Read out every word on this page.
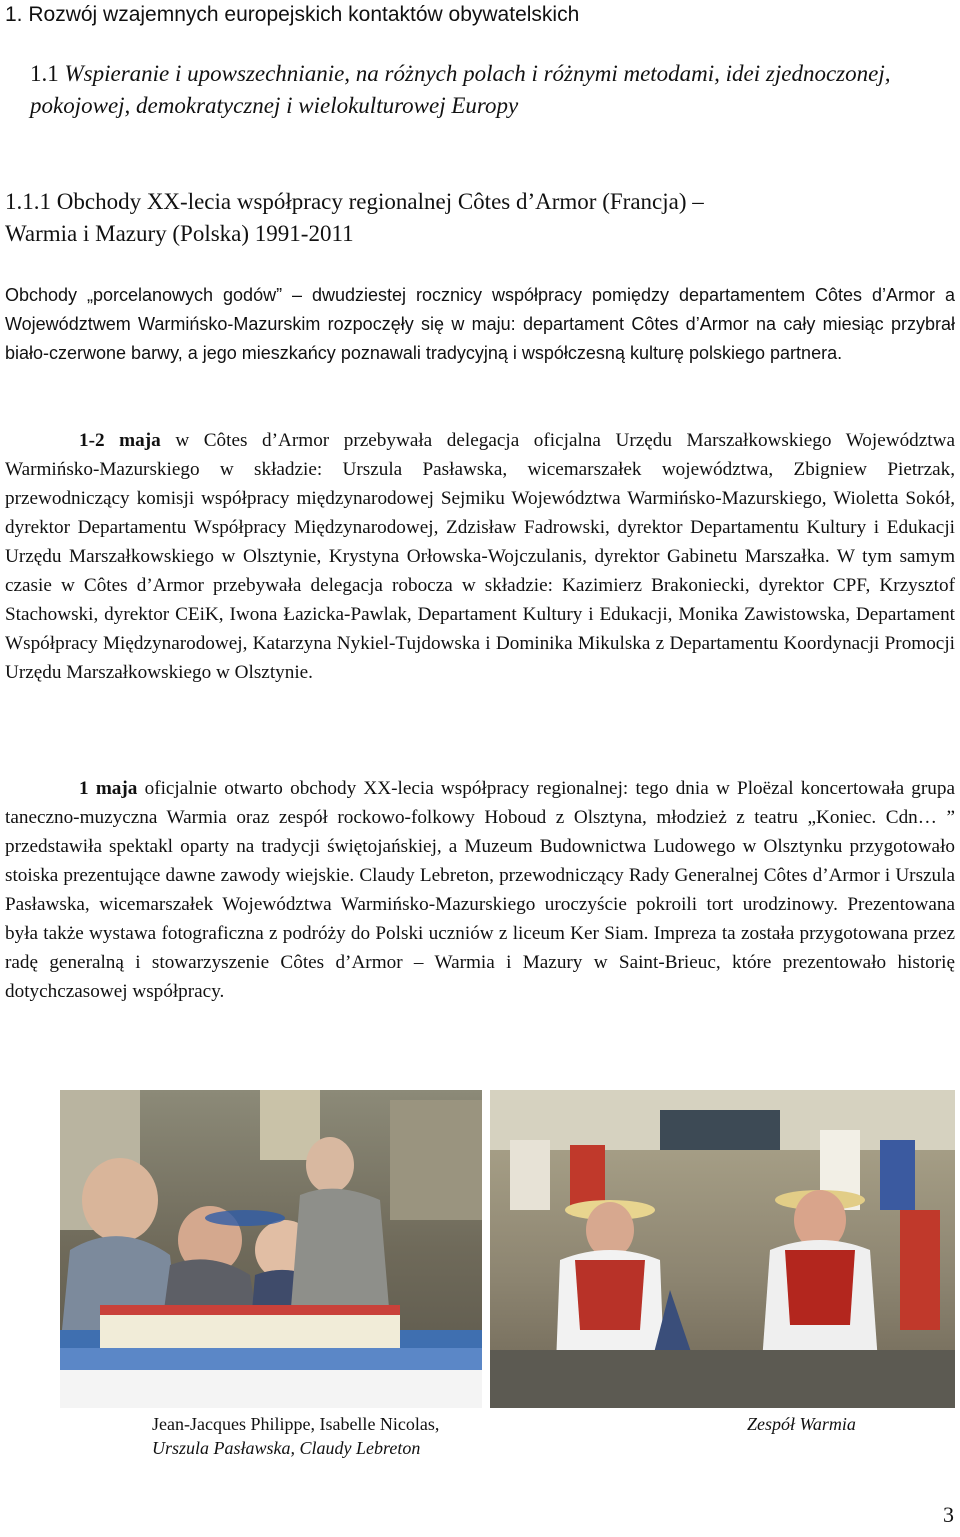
1. Rozwój wzajemnych europejskich kontaktów obywatelskich
1.1 Wspieranie i upowszechnianie, na różnych polach i różnymi metodami, idei zjednoczonej, pokojowej, demokratycznej i wielokulturowej Europy
1.1.1 Obchody XX-lecia współpracy regionalnej Côtes d’Armor (Francja) –
Warmia i Mazury (Polska) 1991-2011
Obchody „porcelanowych godów” – dwudziestej rocznicy współpracy pomiędzy departamentem Côtes d’Armor a Województwem Warmińsko-Mazurskim rozpoczęły się w maju: departament Côtes d’Armor na cały miesiąc przybrał biało-czerwone barwy, a jego mieszkańcy poznawali tradycyjną i współczesną kulturę polskiego partnera.
1-2 maja w Côtes d’Armor przebywała delegacja oficjalna Urzędu Marszałkowskiego Województwa Warmińsko-Mazurskiego w składzie: Urszula Pasławska, wicemarszałek województwa, Zbigniew Pietrzak, przewodniczący komisji współpracy międzynarodowej Sejmiku Województwa Warmińsko-Mazurskiego, Wioletta Sokół, dyrektor Departamentu Współpracy Międzynarodowej, Zdzisław Fadrowski, dyrektor Departamentu Kultury i Edukacji Urzędu Marszałkowskiego w Olsztynie, Krystyna Orłowska-Wojczulanis, dyrektor Gabinetu Marszałka. W tym samym czasie w Côtes d’Armor przebywała delegacja robocza w składzie: Kazimierz Brakoniecki, dyrektor CPF, Krzysztof Stachowski, dyrektor CEiK, Iwona Łazicka-Pawlak, Departament Kultury i Edukacji, Monika Zawistowska, Departament Współpracy Międzynarodowej, Katarzyna Nykiel-Tujdowska i Dominika Mikulska z Departamentu Koordynacji Promocji Urzędu Marszałkowskiego w Olsztynie.
1 maja oficjalnie otwarto obchody XX-lecia współpracy regionalnej: tego dnia w Ploëzal koncertowała grupa taneczno-muzyczna Warmia oraz zespół rockowo-folkowy Hoboud z Olsztyna, młodzież z teatru „Koniec. Cdn… ” przedstawiła spektakl oparty na tradycji świętojańskiej, a Muzeum Budownictwa Ludowego w Olsztynku przygotowało stoiska prezentujące dawne zawody wiejskie. Claudy Lebreton, przewodniczący Rady Generalnej Côtes d’Armor i Urszula Pasławska, wicemarszałek Województwa Warmińsko-Mazurskiego uroczyście pokroili tort urodzinowy. Prezentowana była także wystawa fotograficzna z podróży do Polski uczniów z liceum Ker Siam. Impreza ta została przygotowana przez radę generalną i stowarzyszenie Côtes d’Armor – Warmia i Mazury w Saint-Brieuc, które prezentowało historię dotychczasowej współpracy.
Jean-Jacques Philippe, Isabelle Nicolas,
Urszula Pasławska, Claudy Lebreton
Zespół Warmia
3
